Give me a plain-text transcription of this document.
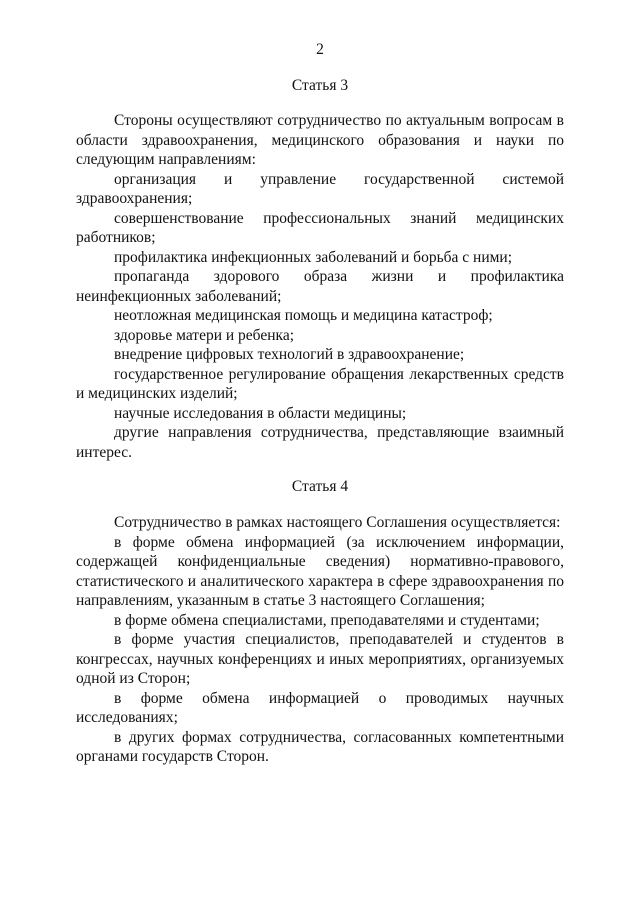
2
Статья 3

Стороны осуществляют сотрудничество по актуальным вопросам в области здравоохранения, медицинского образования и науки по следующим направлениям:

организация и управление государственной системой здравоохранения;

совершенствование профессиональных знаний медицинских работников;

профилактика инфекционных заболеваний и борьба с ними;

пропаганда здорового образа жизни и профилактика неинфекционных заболеваний;

неотложная медицинская помощь и медицина катастроф;

здоровье матери и ребенка;

внедрение цифровых технологий в здравоохранение;

государственное регулирование обращения лекарственных средств и медицинских изделий;

научные исследования в области медицины;

другие направления сотрудничества, представляющие взаимный интерес.

Статья 4

Сотрудничество в рамках настоящего Соглашения осуществляется:

в форме обмена информацией (за исключением информации, содержащей конфиденциальные сведения) нормативно-правового, статистического и аналитического характера в сфере здравоохранения по направлениям, указанным в статье 3 настоящего Соглашения;

в форме обмена специалистами, преподавателями и студентами;

в форме участия специалистов, преподавателей и студентов в конгрессах, научных конференциях и иных мероприятиях, организуемых одной из Сторон;

в форме обмена информацией о проводимых научных исследованиях;

в других формах сотрудничества, согласованных компетентными органами государств Сторон.
